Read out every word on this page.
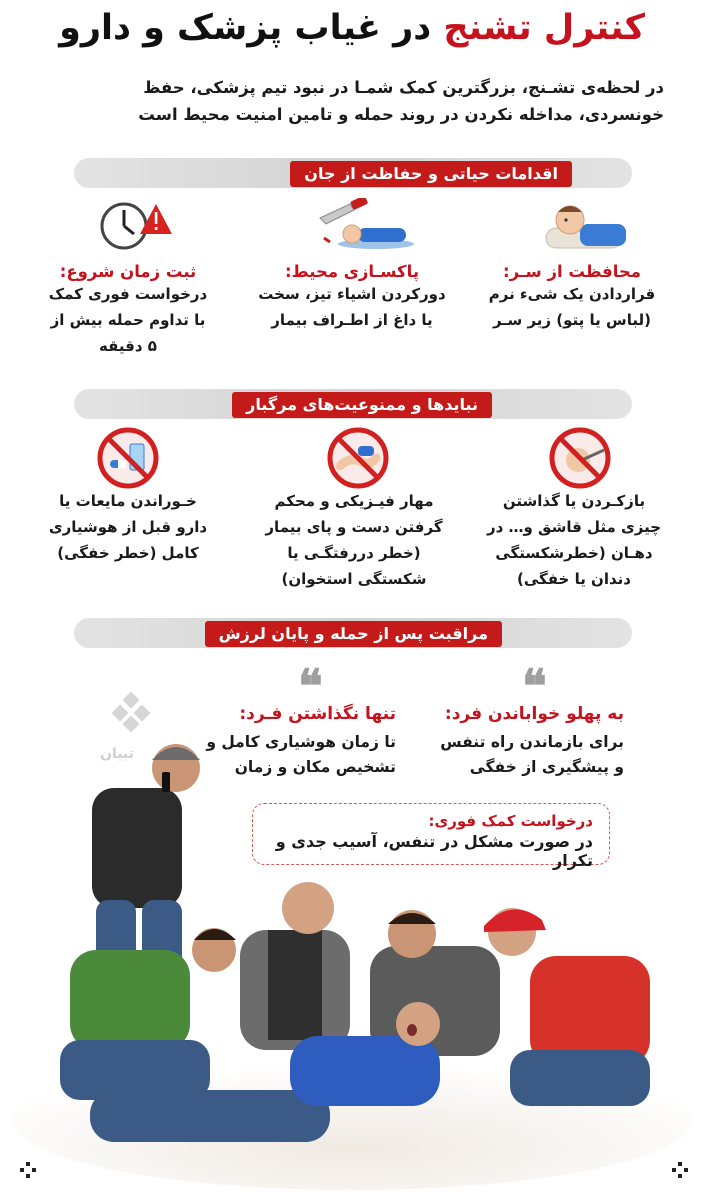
کنترل تشنج در غیاب پزشک و دارو
در لحظه‌ی تشـنج، بزرگترین کمک شمـا در نبود تیم پزشکی، حفظ
خونسردی، مداخله نکردن در روند حمله و تامین امنیت محیط است
اقدامات حیاتی و حفاظت از جان
محافظت از سـر:
قراردادن یک شیء نرم
(لباس یا پتو) زیر سـر
پاکسـازی محیط:
دورکردن اشیاء تیز، سخت
یا داغ از اطـراف بیمار
ثبت زمان شروع:
درخواست فوری کمک
با تداوم حمله بیش از
۵ دقیقه
نبایدها و ممنوعیت‌های مرگبار
بازکـردن یا گذاشتن
چیزی مثل قاشق و… در
دهـان (خطرشکستگی
دندان یا خفگی)
مهار فیـزیکی و محکم
گرفتن دست و پای بیمار
(خطر دررفتگـی یا
شکستگی استخوان)
خـوراندن مایعات یا
دارو قبل از هوشیاری
کامل (خطر خفگی)
مراقبت پس از حمله و پایان لرزش
تبیان
❝
❝
به پهلو خواباندن فرد:
برای بازماندن راه تنفس
و پیشگیری از خفگی
تنها نگذاشتن فـرد:
تا زمان هوشیاری کامل و
تشخیص مکان و زمان
درخواست کمک فوری:
در صورت مشکل در تنفس، آسیب جدی و تکرار
